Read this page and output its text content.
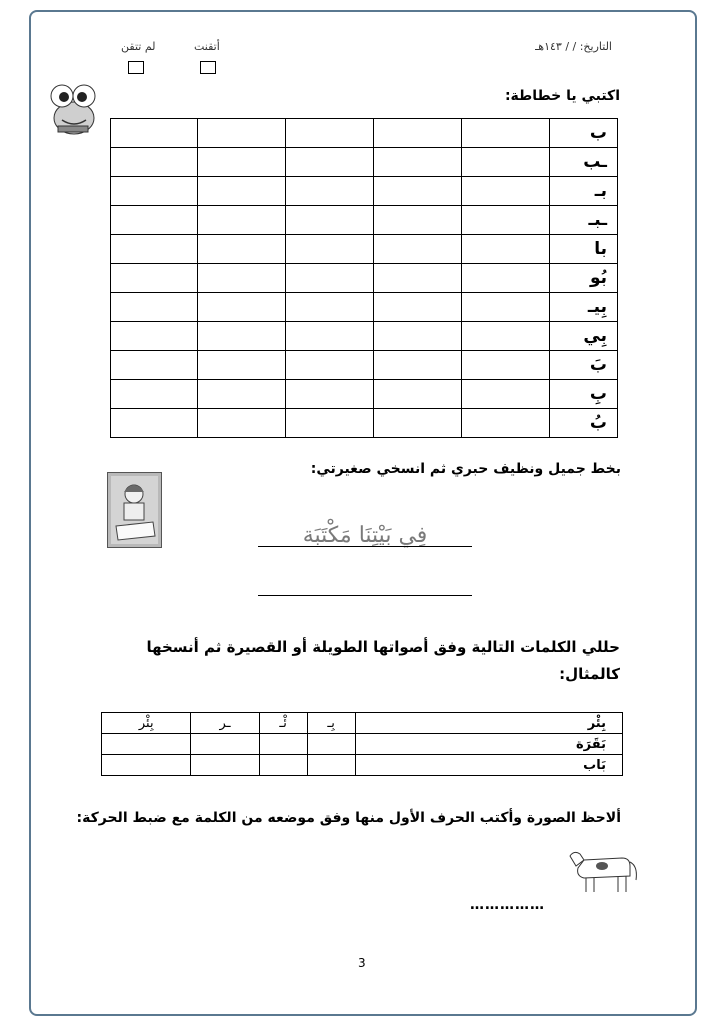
التاريخ: / / ١٤٣هـ
أتقنت
لم تتقن
اكتبي يا خطاطة:
					ب
					ـب
					بـ
					ـبـ
					با
					بُو
					بِيـ
					بِي
					بَ
					بِ
					بُ
بخط جميل ونظيف حبري ثم انسخي صغيرتي:
فِي بَيْتِنَا مَكْتَبَة
حللي الكلمات التالية وفق أصواتها الطويلة أو القصيرة ثم أنسخها
كالمثال:
بِئْر	بِـ	ئْـ	ـر	بِئْر
بَقَرَة				
بَاب				
ألاحظ الصورة وأكتب الحرف الأول منها وفق موضعه من الكلمة مع ضبط الحركة:
……………
3
